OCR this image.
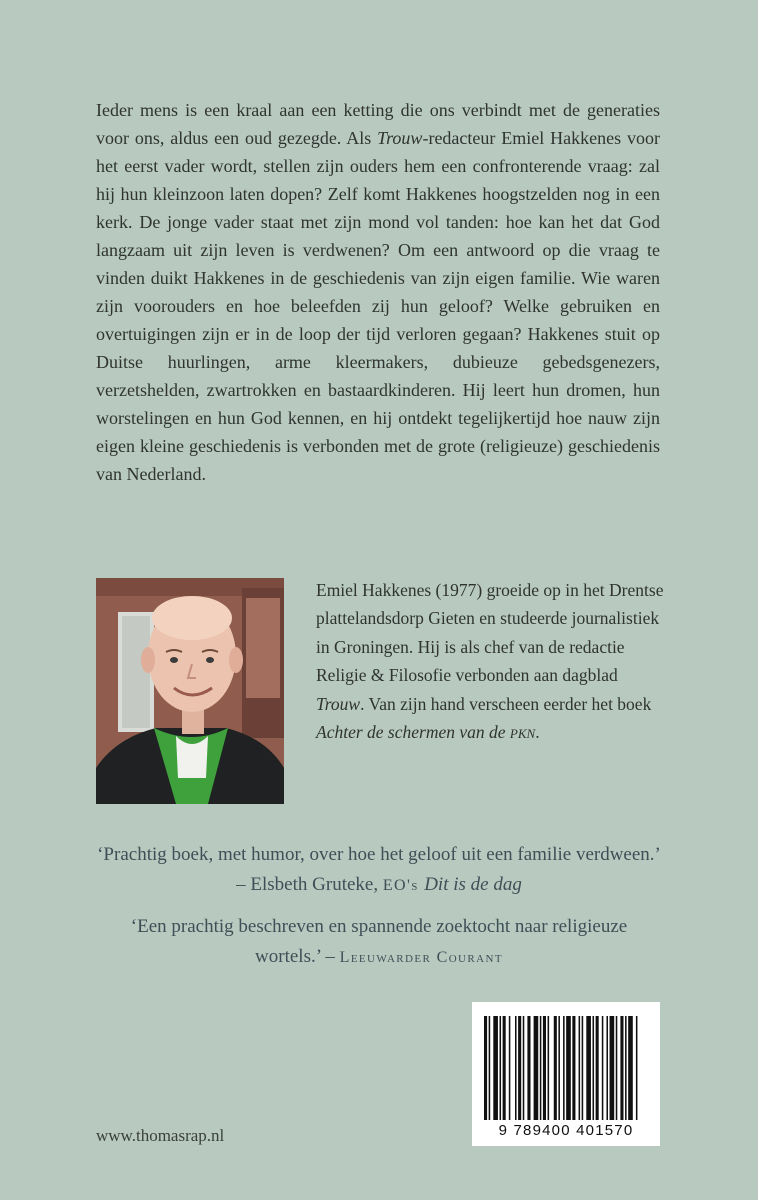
Ieder mens is een kraal aan een ketting die ons verbindt met de generaties voor ons, aldus een oud gezegde. Als Trouw-redacteur Emiel Hakkenes voor het eerst vader wordt, stellen zijn ouders hem een confronterende vraag: zal hij hun kleinzoon laten dopen? Zelf komt Hakkenes hoogstzelden nog in een kerk. De jonge vader staat met zijn mond vol tanden: hoe kan het dat God langzaam uit zijn leven is verdwenen? Om een antwoord op die vraag te vinden duikt Hakkenes in de geschiedenis van zijn eigen familie. Wie waren zijn voorouders en hoe beleefden zij hun geloof? Welke gebruiken en overtuigingen zijn er in de loop der tijd verloren gegaan? Hakkenes stuit op Duitse huurlingen, arme kleermakers, dubieuze gebedsgenezers, verzetshelden, zwartrokken en bastaardkinderen. Hij leert hun dromen, hun worstelingen en hun God kennen, en hij ontdekt tegelijkertijd hoe nauw zijn eigen kleine geschiedenis is verbonden met de grote (religieuze) geschiedenis van Nederland.

Emiel Hakkenes (1977) groeide op in het Drentse plattelandsdorp Gieten en studeerde journalistiek in Groningen. Hij is als chef van de redactie Religie & Filosofie verbonden aan dagblad Trouw. Van zijn hand verscheen eerder het boek Achter de schermen van de PKN.

‘Prachtig boek, met humor, over hoe het geloof uit een familie verdween.’ – Elsbeth Gruteke, EO's Dit is de dag

‘Een prachtig beschreven en spannende zoektocht naar religieuze wortels.’ – Leeuwarder Courant

www.thomasrap.nl	9 789400 401570
